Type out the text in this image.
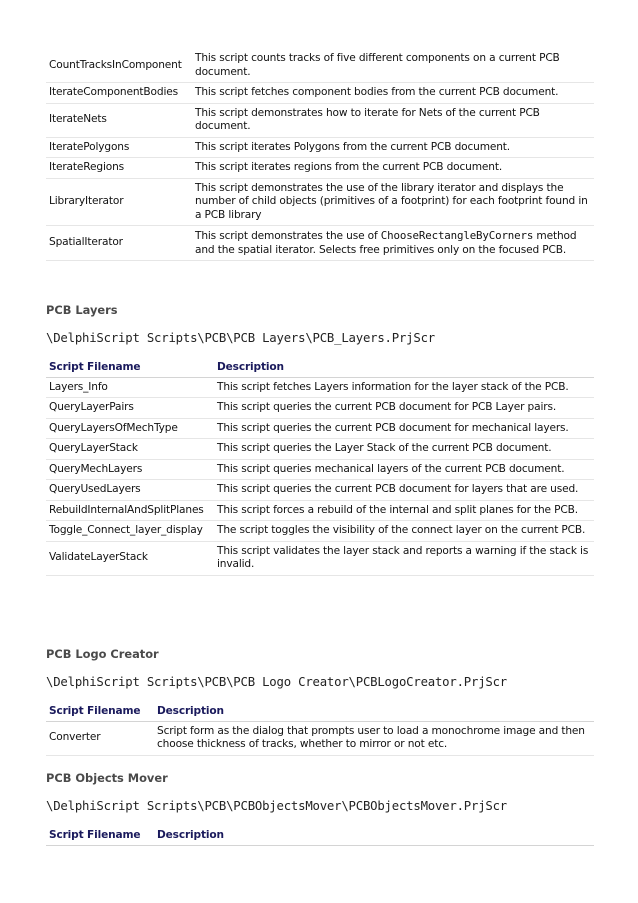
CountTracksInComponent	This script counts tracks of five different components on a current PCB document.
IterateComponentBodies	This script fetches component bodies from the current PCB document.
IterateNets	This script demonstrates how to iterate for Nets of the current PCB document.
IteratePolygons	This script iterates Polygons from the current PCB document.
IterateRegions	This script iterates regions from the current PCB document.
LibraryIterator	This script demonstrates the use of the library iterator and displays the number of child objects (primitives of a footprint) for each footprint found in a PCB library
SpatialIterator	This script demonstrates the use of ChooseRectangleByCorners method and the spatial iterator. Selects free primitives only on the focused PCB.
PCB Layers
\DelphiScript Scripts\PCB\PCB Layers\PCB_Layers.PrjScr
Script Filename	Description
Layers_Info	This script fetches Layers information for the layer stack of the PCB.
QueryLayerPairs	This script queries the current PCB document for PCB Layer pairs.
QueryLayersOfMechType	This script queries the current PCB document for mechanical layers.
QueryLayerStack	This script queries the Layer Stack of the current PCB document.
QueryMechLayers	This script queries mechanical layers of the current PCB document.
QueryUsedLayers	This script queries the current PCB document for layers that are used.
RebuildInternalAndSplitPlanes	This script forces a rebuild of the internal and split planes for the PCB.
Toggle_Connect_layer_display	The script toggles the visibility of the connect layer on the current PCB.
ValidateLayerStack	This script validates the layer stack and reports a warning if the stack is invalid.
PCB Logo Creator
\DelphiScript Scripts\PCB\PCB Logo Creator\PCBLogoCreator.PrjScr
Script Filename	Description
Converter	Script form as the dialog that prompts user to load a monochrome image and then choose thickness of tracks, whether to mirror or not etc.
PCB Objects Mover
\DelphiScript Scripts\PCB\PCBObjectsMover\PCBObjectsMover.PrjScr
Script Filename	Description
